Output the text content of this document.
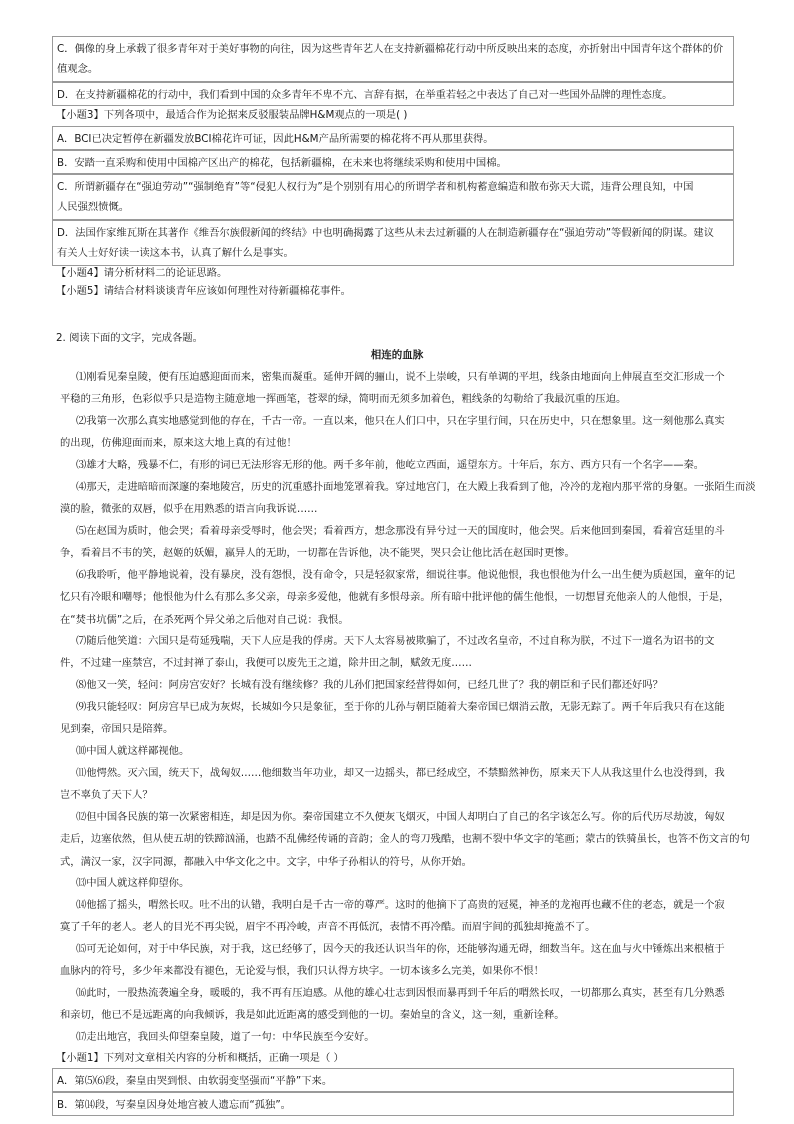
C．偶像的身上承载了很多青年对于美好事物的向往，因为这些青年艺人在支持新疆棉花行动中所反映出来的态度，亦折射出中国青年这个群体的价
值观念。
D．在支持新疆棉花的行动中，我们看到中国的众多青年不卑不亢、言辞有据，在举重若轻之中表达了自己对一些国外品牌的理性态度。
【小题3】下列各项中，最适合作为论据来反驳服装品牌H&M观点的一项是( )
A．BCI已决定暂停在新疆发放BCI棉花许可证，因此H&M产品所需要的棉花将不再从那里获得。
B．安踏一直采购和使用中国棉产区出产的棉花，包括新疆棉，在未来也将继续采购和使用中国棉。
C．所谓新疆存在“强迫劳动”“强制绝育”等“侵犯人权行为”是个别别有用心的所谓学者和机构蓄意编造和散布弥天大谎，违背公理良知，中国
人民强烈愤慨。
D．法国作家维瓦斯在其著作《维吾尔族假新闻的终结》中也明确揭露了这些从未去过新疆的人在制造新疆存在“强迫劳动”等假新闻的阴谋。建议
有关人士好好读一读这本书，认真了解什么是事实。
【小题4】请分析材料二的论证思路。
【小题5】请结合材料谈谈青年应该如何理性对待新疆棉花事件。
2. 阅读下面的文字，完成各题。
相连的血脉
⑴刚看见秦皇陵，便有压迫感迎面而来，密集而凝重。延伸开阔的骊山，说不上崇峻，只有单调的平坦，线条由地面向上伸展直至交汇形成一个
平稳的三角形，色彩似乎只是造物主随意地一挥画笔，苍翠的绿，简明而无须多加着色，粗线条的勾勒给了我最沉重的压迫。
⑵我第一次那么真实地感觉到他的存在，千古一帝。一直以来，他只在人们口中，只在字里行间，只在历史中，只在想象里。这一刻他那么真实
的出现，仿佛迎面而来，原来这大地上真的有过他！
⑶雄才大略，残暴不仁，有形的词已无法形容无形的他。两千多年前，他屹立西面，遥望东方。十年后，东方、西方只有一个名字——秦。
⑷那天，走进暗暗而深邃的秦地陵宫，历史的沉重感扑面地笼罩着我。穿过地宫门，在大殿上我看到了他，冷冷的龙袍内那平常的身躯。一张陌生而淡
漠的脸，微张的双唇，似乎在用熟悉的语言向我诉说……
⑸在赵国为质时，他会哭；看着母亲受辱时，他会哭；看着西方，想念那没有异兮过一天的国度时，他会哭。后来他回到秦国，看着宫廷里的斗
争，看着吕不韦的笑，赵姬的妖媚，嬴异人的无助，一切都在告诉他，决不能哭，哭只会让他比活在赵国时更惨。
⑹我聆听，他平静地说着，没有暴戾，没有怨恨，没有命令，只是轻叙家常，细说往事。他说他恨，我也恨他为什么一出生便为质赵国，童年的记
忆只有冷眼和嘲辱；他恨他为什么有那么多父亲，母亲多爱他，他就有多恨母亲。所有暗中批评他的儒生他恨，一切想冒充他亲人的人他恨，于是，
在“焚书坑儒”之后，在杀死两个异父弟之后他对自己说：我恨。
⑺随后他笑道：六国只是苟延残喘，天下人应是我的俘虏。天下人太容易被欺骗了，不过改名皇帝，不过自称为朕，不过下一道名为诏书的文
件，不过建一座禁宫，不过封禅了泰山，我便可以废先王之道，除井田之制，赋敛无度……
⑻他又一笑，轻问：阿房宫安好？长城有没有继续修？我的儿孙们把国家经营得如何，已经几世了？我的朝臣和子民们都还好吗？
⑼我只能轻叹：阿房宫早已成为灰烬，长城如今只是象征，至于你的儿孙与朝臣随着大秦帝国已烟消云散，无影无踪了。两千年后我只有在这能
见到秦，帝国只是陪葬。
⑽中国人就这样鄙视他。
⑾他愕然。灭六国，统天下，战匈奴……他细数当年功业，却又一边摇头，都已经成空，不禁黯然神伤，原来天下人从我这里什么也没得到，我
岂不辜负了天下人？
⑿但中国各民族的第一次紧密相连，却是因为你。秦帝国建立不久便灰飞烟灭，中国人却明白了自己的名字该怎么写。你的后代历尽劫波，匈奴
走后，边塞依然，但从使五胡的铁蹄汹涌，也踏不乱佛经传诵的音韵；金人的弯刀残酷，也割不裂中华文字的笔画；蒙古的铁骑虽长，也答不伤文言的句
式，满汉一家，汉字同源，都融入中华文化之中。文字，中华子孙相认的符号，从你开始。
⒀中国人就这样仰望你。
⒁他摇了摇头，喟然长叹。吐不出的认错，我明白是千古一帝的尊严。这时的他摘下了高贵的冠冕，神圣的龙袍再也藏不住的老态，就是一个寂
寞了千年的老人。老人的目光不再尖锐，眉宇不再冷峻，声音不再低沉，表情不再冷酷。而眉宇间的孤独却掩盖不了。
⒂可无论如何，对于中华民族，对于我，这已经够了，因今天的我还认识当年的你，还能够沟通无碍，细数当年。这在血与火中锤炼出来根植于
血脉内的符号，多少年来都没有褪色，无论爱与恨，我们只认得方块字。一切本该多么完美，如果你不恨！
⒃此时，一股热流袭遍全身，暖暖的，我不再有压迫感。从他的雄心壮志到因恨而暴再到千年后的喟然长叹，一切都那么真实，甚至有几分熟悉
和亲切，他已不是远距离的向我倾诉，我是如此近距离的感受到他的一切。秦始皇的含义，这一刻，重新诠释。
⒄走出地宫，我回头仰望秦皇陵，道了一句：中华民族至今安好。
【小题1】下列对文章相关内容的分析和概括，正确一项是（ ）
A．第⑸⑹段，秦皇由哭到恨、由软弱变坚强而“平静”下来。
B．第⒁段，写秦皇因身处地宫被人遗忘而“孤独”。
